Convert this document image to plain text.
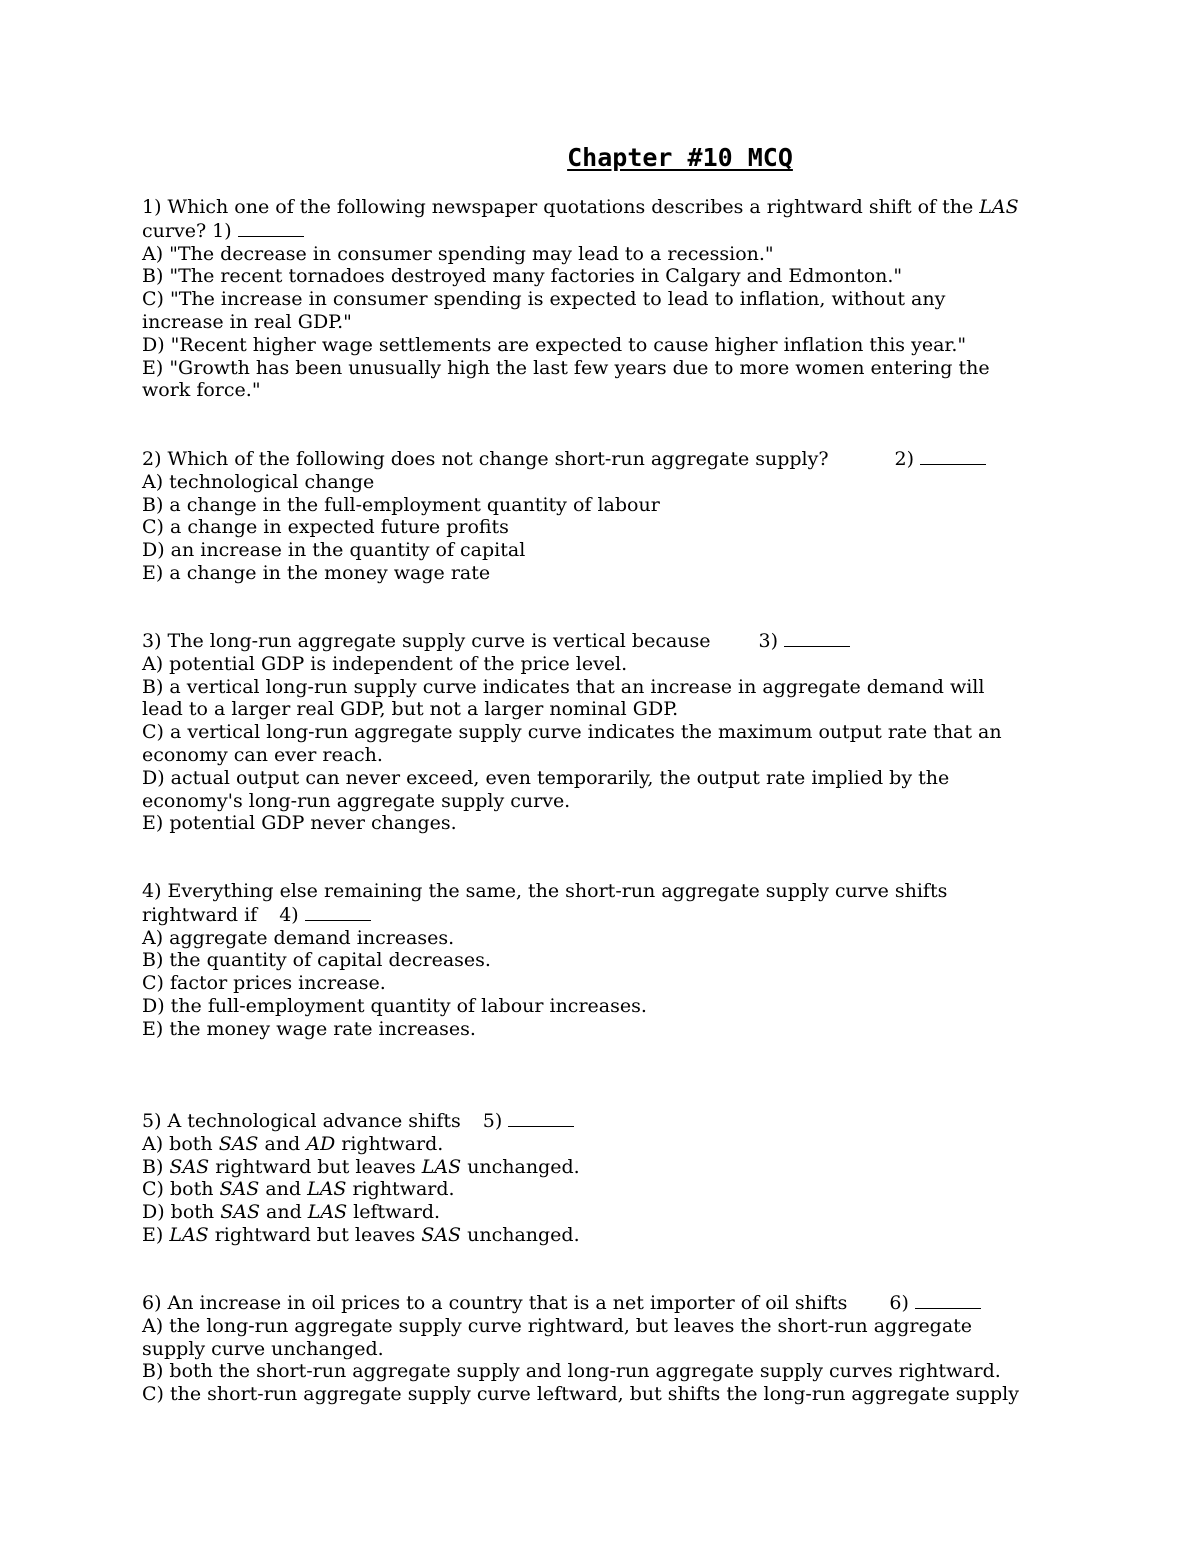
Chapter #10 MCQ
1) Which one of the following newspaper quotations describes a rightward shift of the LAS
curve? 1)
A) "The decrease in consumer spending may lead to a recession."
B) "The recent tornadoes destroyed many factories in Calgary and Edmonton."
C) "The increase in consumer spending is expected to lead to inflation, without any
increase in real GDP."
D) "Recent higher wage settlements are expected to cause higher inflation this year."
E) "Growth has been unusually high the last few years due to more women entering the
work force."
2) Which of the following does not change short-run aggregate supply?	2)
A) technological change
B) a change in the full-employment quantity of labour
C) a change in expected future profits
D) an increase in the quantity of capital
E) a change in the money wage rate
3) The long-run aggregate supply curve is vertical because	3)
A) potential GDP is independent of the price level.
B) a vertical long-run supply curve indicates that an increase in aggregate demand will
lead to a larger real GDP, but not a larger nominal GDP.
C) a vertical long-run aggregate supply curve indicates the maximum output rate that an
economy can ever reach.
D) actual output can never exceed, even temporarily, the output rate implied by the
economy's long-run aggregate supply curve.
E) potential GDP never changes.
4) Everything else remaining the same, the short-run aggregate supply curve shifts
rightward if 4)
A) aggregate demand increases.
B) the quantity of capital decreases.
C) factor prices increase.
D) the full-employment quantity of labour increases.
E) the money wage rate increases.
5) A technological advance shifts 5)
A) both SAS and AD rightward.
B) SAS rightward but leaves LAS unchanged.
C) both SAS and LAS rightward.
D) both SAS and LAS leftward.
E) LAS rightward but leaves SAS unchanged.
6) An increase in oil prices to a country that is a net importer of oil shifts 6)
A) the long-run aggregate supply curve rightward, but leaves the short-run aggregate
supply curve unchanged.
B) both the short-run aggregate supply and long-run aggregate supply curves rightward.
C) the short-run aggregate supply curve leftward, but shifts the long-run aggregate supply
